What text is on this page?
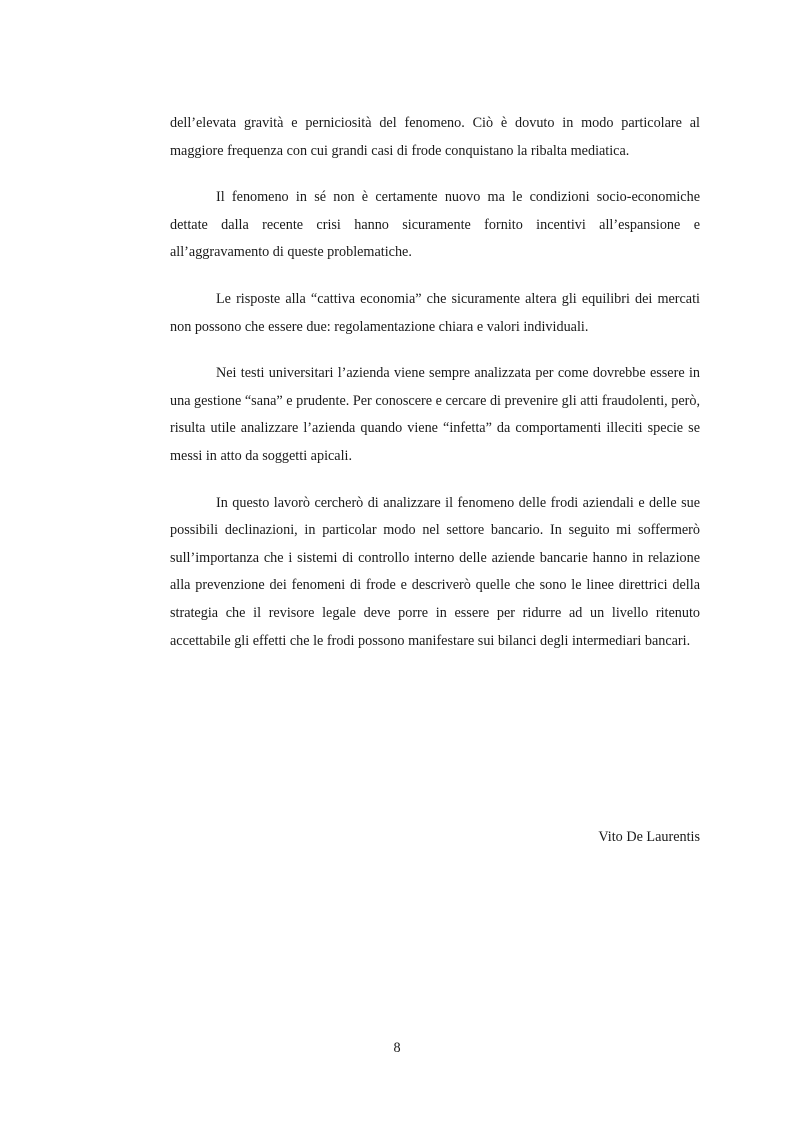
dell’elevata gravità e perniciosità del fenomeno. Ciò è dovuto in modo particolare al maggiore frequenza con cui grandi casi di frode conquistano la ribalta mediatica.

Il fenomeno in sé non è certamente nuovo ma le condizioni socio-economiche dettate dalla recente crisi hanno sicuramente fornito incentivi all’espansione e all’aggravamento di queste problematiche.

Le risposte alla “cattiva economia” che sicuramente altera gli equilibri dei mercati non possono che essere due: regolamentazione chiara e valori individuali.

Nei testi universitari l’azienda viene sempre analizzata per come dovrebbe essere in una gestione “sana” e prudente. Per conoscere e cercare di prevenire gli atti fraudolenti, però, risulta utile analizzare l’azienda quando viene “infetta” da comportamenti illeciti specie se messi in atto da soggetti apicali.

In questo lavorò cercherò di analizzare il fenomeno delle frodi aziendali e delle sue possibili declinazioni, in particolar modo nel settore bancario. In seguito mi soffermerò sull’importanza che i sistemi di controllo interno delle aziende bancarie hanno in relazione alla prevenzione dei fenomeni di frode e descriverò quelle che sono le linee direttrici della strategia che il revisore legale deve porre in essere per ridurre ad un livello ritenuto accettabile gli effetti che le frodi possono manifestare sui bilanci degli intermediari bancari.

Vito De Laurentis
8
